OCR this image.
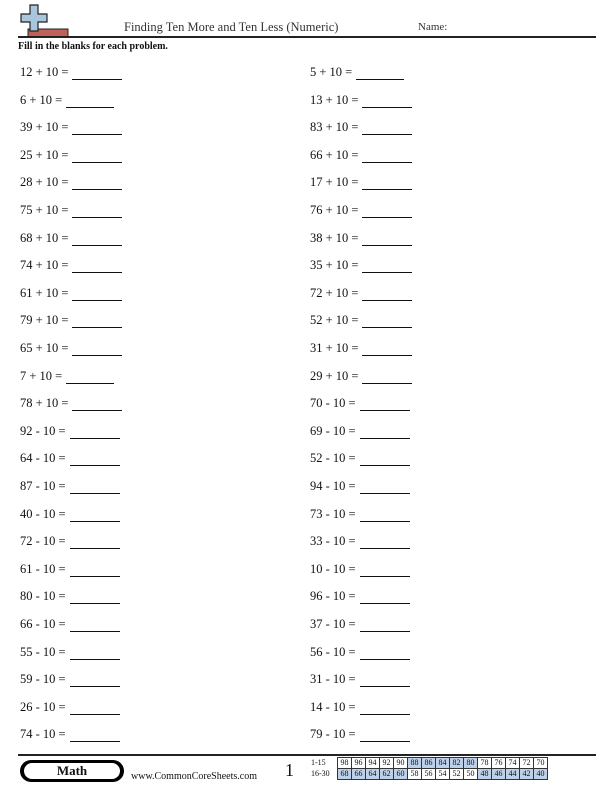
Finding Ten More and Ten Less (Numeric)	Name:
Fill in the blanks for each problem.
12 + 10 =
6 + 10 =
39 + 10 =
25 + 10 =
28 + 10 =
75 + 10 =
68 + 10 =
74 + 10 =
61 + 10 =
79 + 10 =
65 + 10 =
7 + 10 =
78 + 10 =
92 - 10 =
64 - 10 =
87 - 10 =
40 - 10 =
72 - 10 =
61 - 10 =
80 - 10 =
66 - 10 =
55 - 10 =
59 - 10 =
26 - 10 =
74 - 10 =
5 + 10 =
13 + 10 =
83 + 10 =
66 + 10 =
17 + 10 =
76 + 10 =
38 + 10 =
35 + 10 =
72 + 10 =
52 + 10 =
31 + 10 =
29 + 10 =
70 - 10 =
69 - 10 =
52 - 10 =
94 - 10 =
73 - 10 =
33 - 10 =
10 - 10 =
96 - 10 =
37 - 10 =
56 - 10 =
31 - 10 =
14 - 10 =
79 - 10 =
Math	www.CommonCoreSheets.com 1 1-15	98	96	94	92	90	88	86	84	82	80	78	76	74	72	70
16-30	68	66	64	62	60	58	56	54	52	50	48	46	44	42	40
